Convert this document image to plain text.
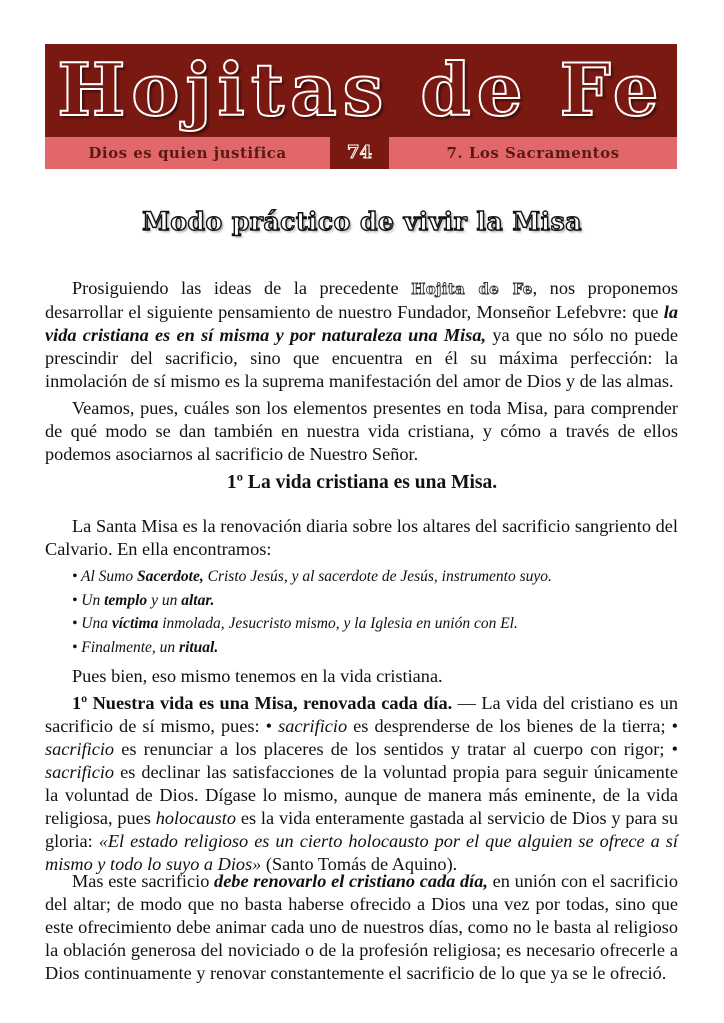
Hojitas de Fe
Dios es quien justifica	74	7. Los Sacramentos
Modo práctico de vivir la Misa

Prosiguiendo las ideas de la precedente Hojita de Fe, nos proponemos desarrollar el siguiente pensamiento de nuestro Fundador, Monseñor Lefebvre: que la vida cristiana es en sí misma y por naturaleza una Misa, ya que no sólo no puede prescindir del sacrificio, sino que encuentra en él su máxima perfección: la inmolación de sí mismo es la suprema manifestación del amor de Dios y de las almas.

Veamos, pues, cuáles son los elementos presentes en toda Misa, para comprender de qué modo se dan también en nuestra vida cristiana, y cómo a través de ellos podemos asociarnos al sacrificio de Nuestro Señor.

1º La vida cristiana es una Misa.

La Santa Misa es la renovación diaria sobre los altares del sacrificio sangriento del Calvario. En ella encontramos:

• Al Sumo Sacerdote, Cristo Jesús, y al sacerdote de Jesús, instrumento suyo.
• Un templo y un altar.
• Una víctima inmolada, Jesucristo mismo, y la Iglesia en unión con El.
• Finalmente, un ritual.

Pues bien, eso mismo tenemos en la vida cristiana.

1º Nuestra vida es una Misa, renovada cada día. — La vida del cristiano es un sacrificio de sí mismo, pues: • sacrificio es desprenderse de los bienes de la tierra; • sacrificio es renunciar a los placeres de los sentidos y tratar al cuerpo con rigor; • sacrificio es declinar las satisfacciones de la voluntad propia para seguir únicamente la voluntad de Dios. Dígase lo mismo, aunque de manera más eminente, de la vida religiosa, pues holocausto es la vida enteramente gastada al servicio de Dios y para su gloria: «El estado religioso es un cierto holocausto por el que alguien se ofrece a sí mismo y todo lo suyo a Dios» (Santo Tomás de Aquino).

Mas este sacrificio debe renovarlo el cristiano cada día, en unión con el sacrificio del altar; de modo que no basta haberse ofrecido a Dios una vez por todas, sino que este ofrecimiento debe animar cada uno de nuestros días, como no le basta al religioso la oblación generosa del noviciado o de la profesión religiosa; es necesario ofrecerle a Dios continuamente y renovar constantemente el sacrificio de lo que ya se le ofreció.
